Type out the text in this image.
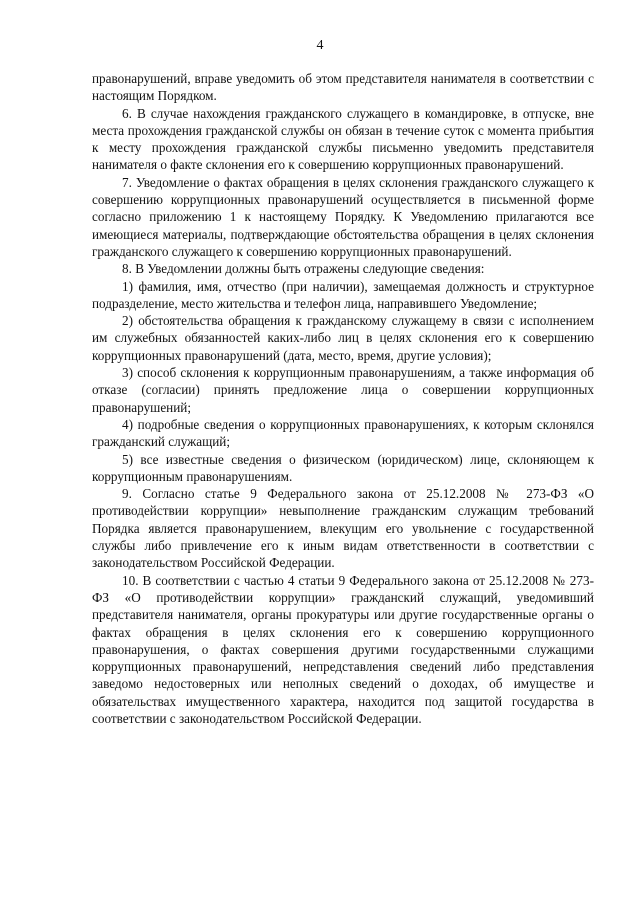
4

правонарушений, вправе уведомить об этом представителя нанимателя в соответствии с настоящим Порядком.

6. В случае нахождения гражданского служащего в командировке, в отпуске, вне места прохождения гражданской службы он обязан в течение суток с момента прибытия к месту прохождения гражданской службы письменно уведомить представителя нанимателя о факте склонения его к совершению коррупционных правонарушений.

7. Уведомление о фактах обращения в целях склонения гражданского служащего к совершению коррупционных правонарушений осуществляется в письменной форме согласно приложению 1 к настоящему Порядку. К Уведомлению прилагаются все имеющиеся материалы, подтверждающие обстоятельства обращения в целях склонения гражданского служащего к совершению коррупционных правонарушений.

8. В Уведомлении должны быть отражены следующие сведения:

1) фамилия, имя, отчество (при наличии), замещаемая должность и структурное подразделение, место жительства и телефон лица, направившего Уведомление;

2) обстоятельства обращения к гражданскому служащему в связи с исполнением им служебных обязанностей каких-либо лиц в целях склонения его к совершению коррупционных правонарушений (дата, место, время, другие условия);

3) способ склонения к коррупционным правонарушениям, а также информация об отказе (согласии) принять предложение лица о совершении коррупционных правонарушений;

4) подробные сведения о коррупционных правонарушениях, к которым склонялся гражданский служащий;

5) все известные сведения о физическом (юридическом) лице, склоняющем к коррупционным правонарушениям.

9. Согласно статье 9 Федерального закона от 25.12.2008 № 273-ФЗ «О противодействии коррупции» невыполнение гражданским служащим требований Порядка является правонарушением, влекущим его увольнение с государственной службы либо привлечение его к иным видам ответственности в соответствии с законодательством Российской Федерации.

10. В соответствии с частью 4 статьи 9 Федерального закона от 25.12.2008 № 273-ФЗ «О противодействии коррупции» гражданский служащий, уведомивший представителя нанимателя, органы прокуратуры или другие государственные органы о фактах обращения в целях склонения его к совершению коррупционного правонарушения, о фактах совершения другими государственными служащими коррупционных правонарушений, непредставления сведений либо представления заведомо недостоверных или неполных сведений о доходах, об имуществе и обязательствах имущественного характера, находится под защитой государства в соответствии с законодательством Российской Федерации.
